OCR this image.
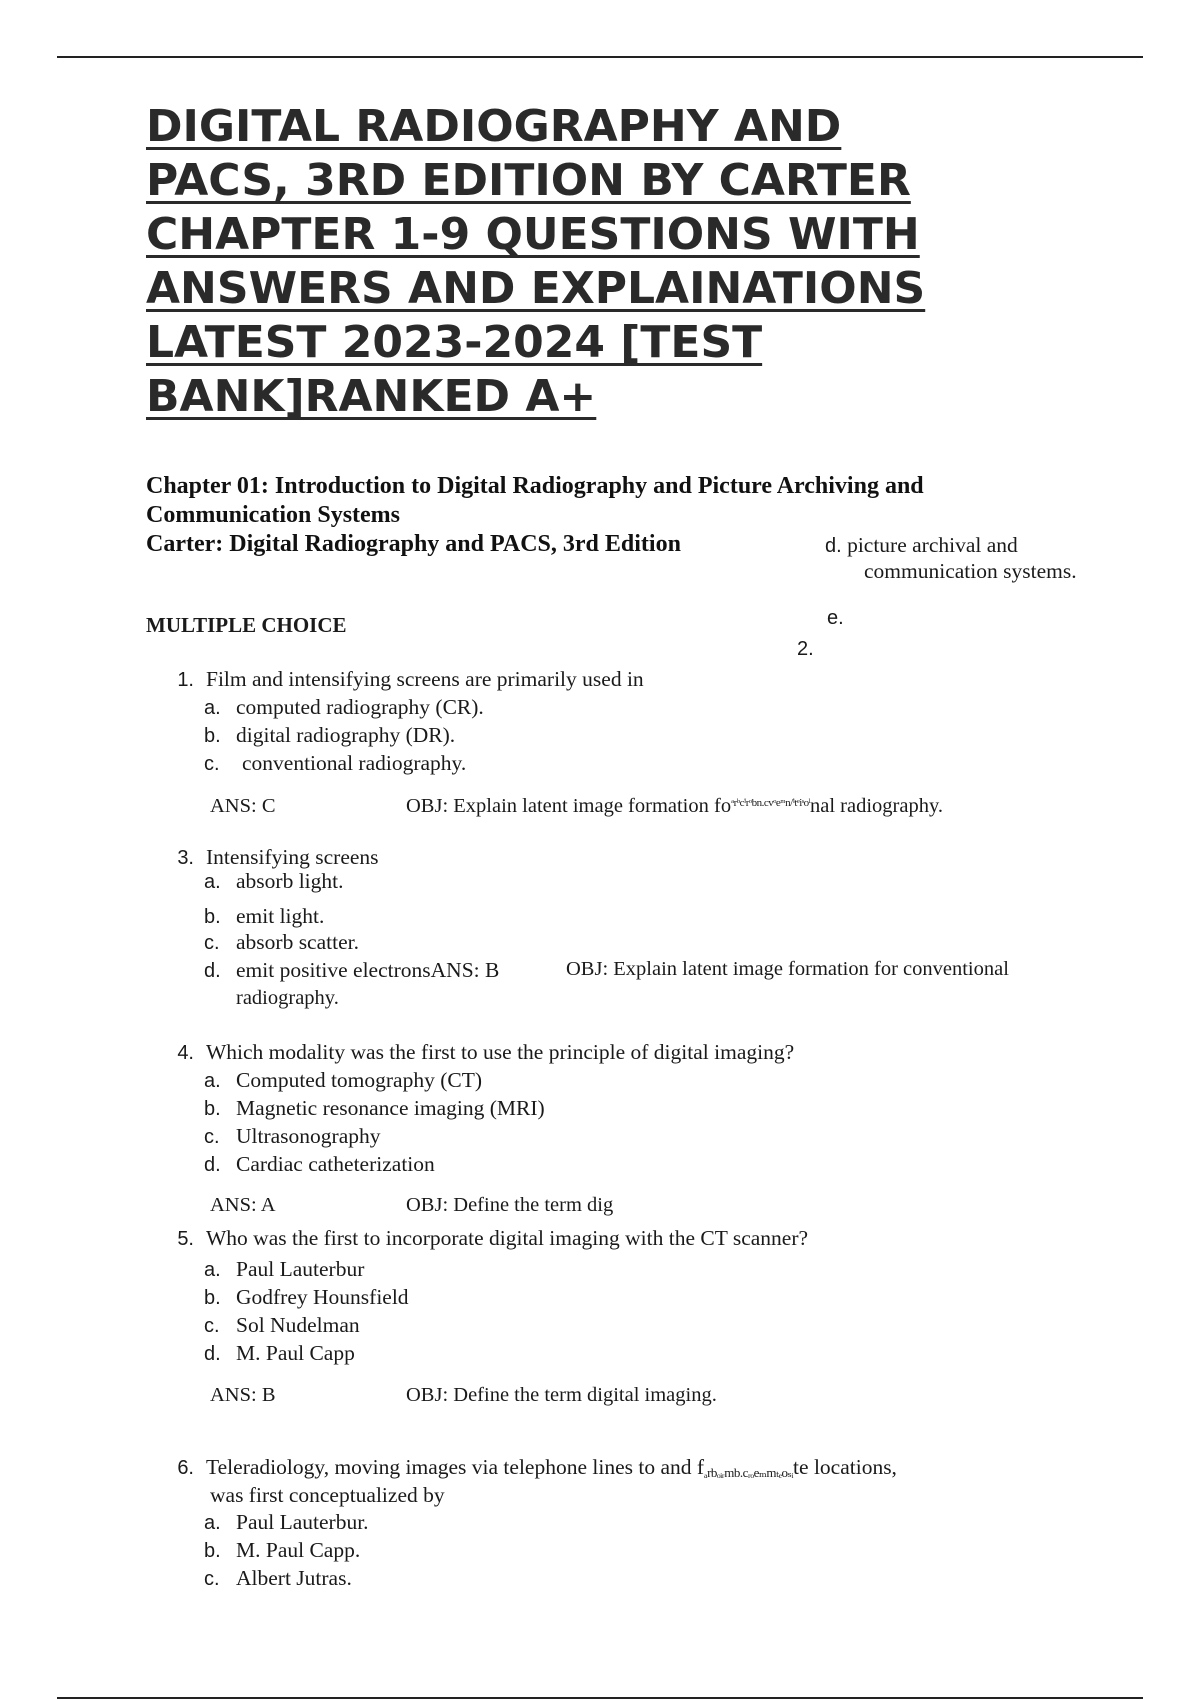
DIGITAL RADIOGRAPHY AND
PACS, 3RD EDITION BY CARTER
CHAPTER 1-9 QUESTIONS WITH
ANSWERS AND EXPLAINATIONS
LATEST 2023-2024 [TEST
BANK]RANKED A+
Chapter 01: Introduction to Digital Radiography and Picture Archiving and
Communication Systems
Carter: Digital Radiography and PACS, 3rd Edition	d. picture archival and
communication systems.
e.
2.
MULTIPLE CHOICE
1. Film and intensifying screens are primarily used in
a. computed radiography (CR).
b. digital radiography (DR).
c. conventional radiography.
ANS: C	OBJ: Explain latent image formation $fo^{ᵃrᵇc^irᵒbn.cvᵒeᵐn/^itᵉiˢoˡ}nal$ radiography.
3. Intensifying screens
a. absorb light.
b. emit light.
c. absorb scatter.
d. emit positive electronsANS: B	OBJ: Explain latent image formation for conventional
radiography.
4. Which modality was the first to use the principle of digital imaging?
a. Computed tomography (CT)
b. Magnetic resonance imaging (MRI)
c. Ultrasonography
d. Cardiac catheterization
ANS: A	OBJ: Define the term dig
5. Who was the first to incorporate digital imaging with the CT scanner?
a. Paul Lauterbur
b. Godfrey Hounsfield
c. Sol Nudelman
d. M. Paul Capp
ANS: B	OBJ: Define the term digital imaging.
6. Teleradiology, moving images via telephone lines to and $f_{_arb_oᵢᵣmb.cᵣ_oe_mm_{te}o_sᵢ}te$ locations,
was first conceptualized by
a. Paul Lauterbur.
b. M. Paul Capp.
c. Albert Jutras.
